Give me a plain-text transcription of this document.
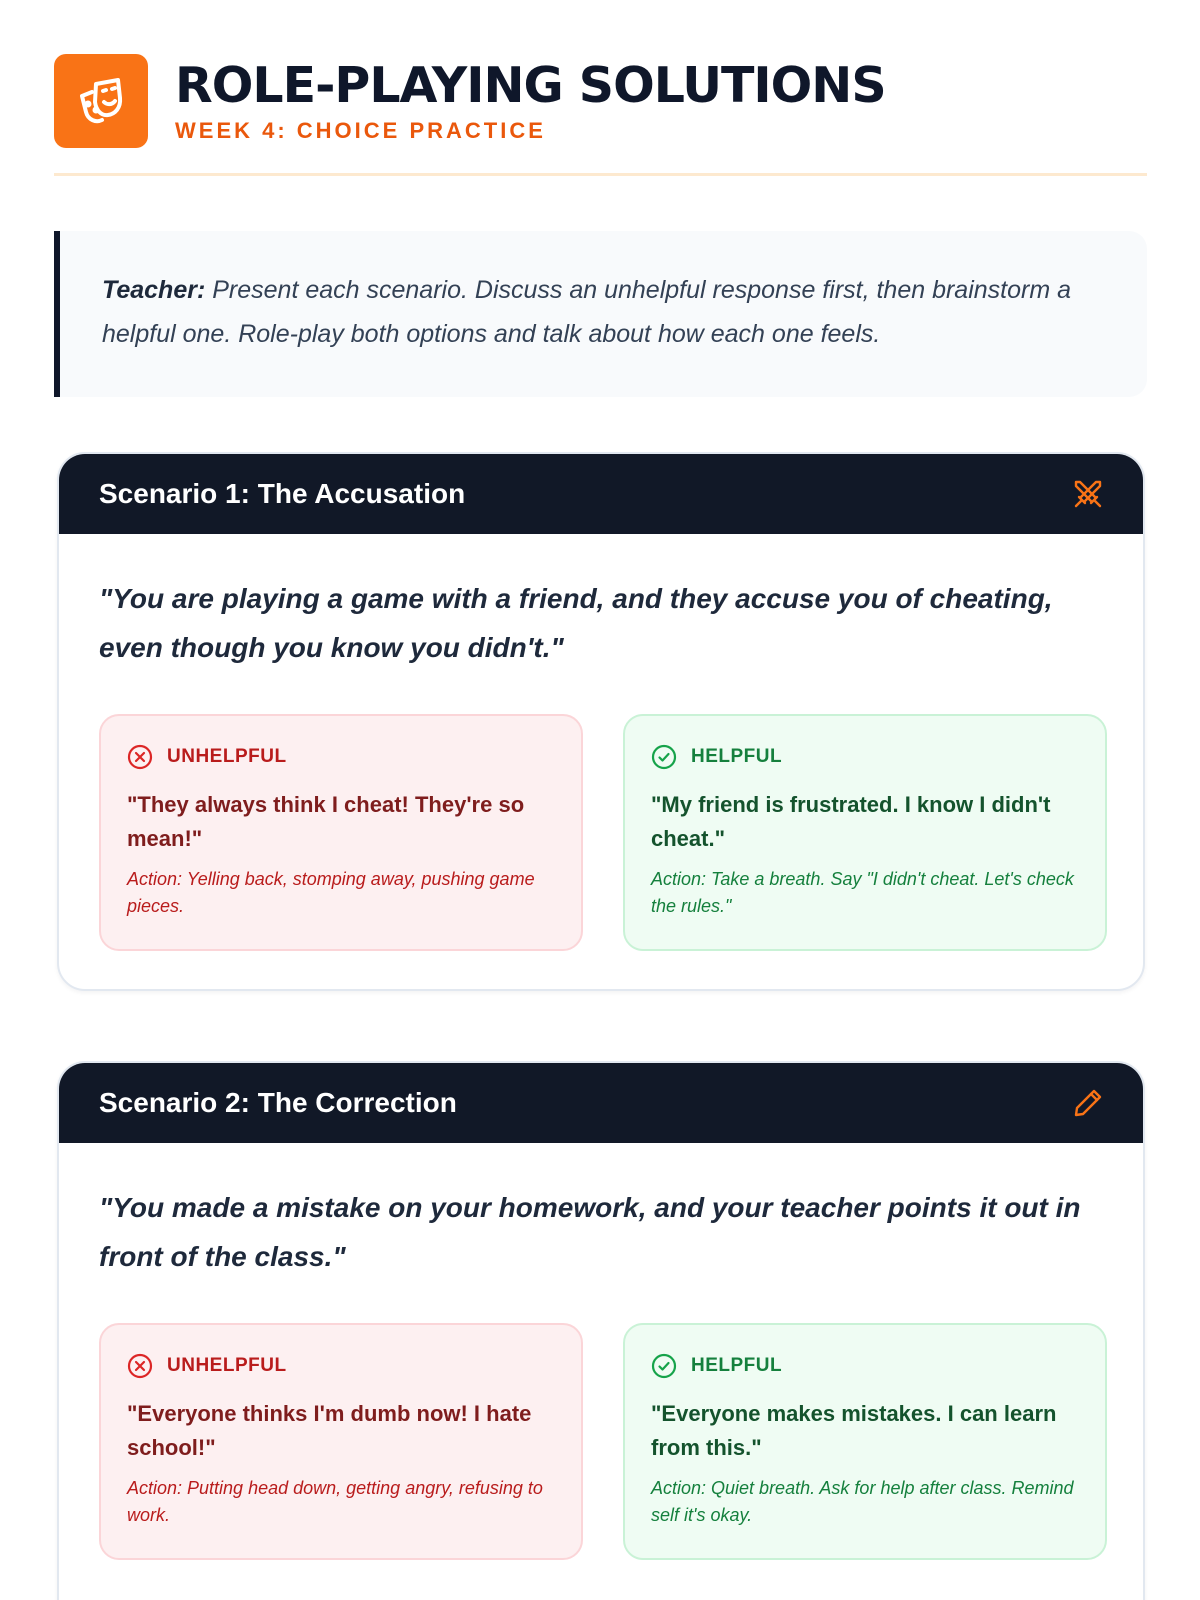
ROLE-PLAYING SOLUTIONS
WEEK 4: CHOICE PRACTICE

Teacher: Present each scenario. Discuss an unhelpful response first, then brainstorm a helpful one. Role-play both options and talk about how each one feels.

Scenario 1: The Accusation
"You are playing a game with a friend, and they accuse you of cheating, even though you know you didn't."
UNHELPFUL
"They always think I cheat! They're so mean!"
Action: Yelling back, stomping away, pushing game pieces.
HELPFUL
"My friend is frustrated. I know I didn't cheat."
Action: Take a breath. Say "I didn't cheat. Let's check the rules."
Scenario 2: The Correction
"You made a mistake on your homework, and your teacher points it out in front of the class."
UNHELPFUL
"Everyone thinks I'm dumb now! I hate school!"
Action: Putting head down, getting angry, refusing to work.
HELPFUL
"Everyone makes mistakes. I can learn from this."
Action: Quiet breath. Ask for help after class. Remind self it's okay.
